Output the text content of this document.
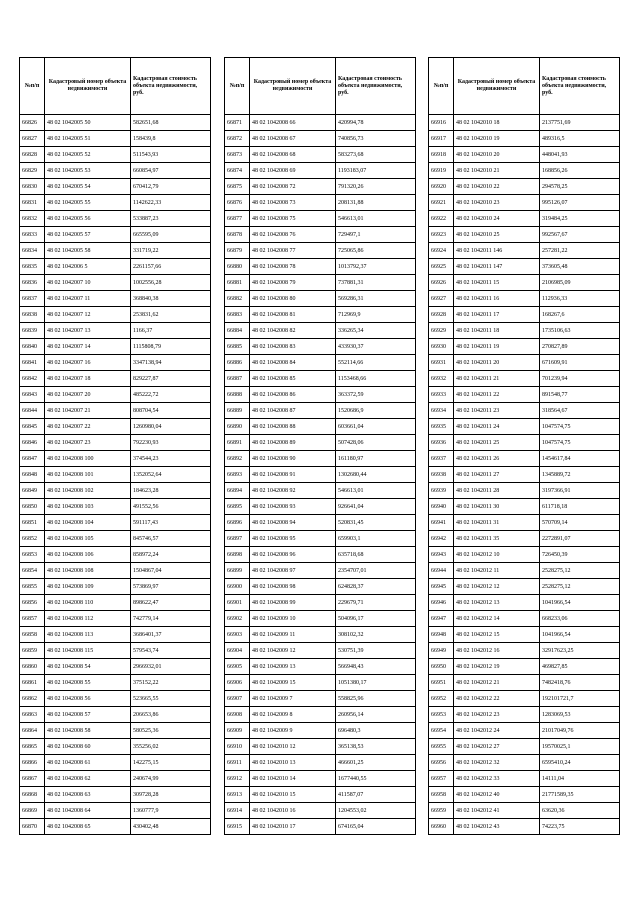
№п/п	Кадастровый номер объекта недвижимости	Кадастровая стоимость объекта недвижимости, руб.
66826	48 02 1042005 50	582651,68
66827	48 02 1042005 51	158439,8
66828	48 02 1042005 52	511543,93
66829	48 02 1042005 53	660854,97
66830	48 02 1042005 54	670412,79
66831	48 02 1042005 55	1142622,33
66832	48 02 1042005 56	533887,23
66833	48 02 1042005 57	665595,09
66834	48 02 1042005 58	331719,22
66835	48 02 1042006 5	2261157,66
66836	48 02 1042007 10	1002556,28
66837	48 02 1042007 11	368840,38
66838	48 02 1042007 12	253831,62
66839	48 02 1042007 13	1166,37
66840	48 02 1042007 14	1115808,79
66841	48 02 1042007 16	3347138,94
66842	48 02 1042007 18	829227,87
66843	48 02 1042007 20	485222,72
66844	48 02 1042007 21	808704,54
66845	48 02 1042007 22	1260980,04
66846	48 02 1042007 23	792230,93
66847	48 02 1042008 100	374544,23
66848	48 02 1042008 101	1352052,64
66849	48 02 1042008 102	184623,28
66850	48 02 1042008 103	491552,56
66851	48 02 1042008 104	591117,43
66852	48 02 1042008 105	845746,57
66853	48 02 1042008 106	858972,24
66854	48 02 1042008 108	1504867,04
66855	48 02 1042008 109	573869,97
66856	48 02 1042008 110	898622,47
66857	48 02 1042008 112	742779,14
66858	48 02 1042008 113	3686401,37
66859	48 02 1042008 115	579543,74
66860	48 02 1042008 54	2966932,01
66861	48 02 1042008 55	375152,22
66862	48 02 1042008 56	523665,55
66863	48 02 1042008 57	206653,86
66864	48 02 1042008 58	580525,36
66865	48 02 1042008 60	355256,02
66866	48 02 1042008 61	142275,15
66867	48 02 1042008 62	240674,99
66868	48 02 1042008 63	309728,28
66869	48 02 1042008 64	1360777,9
66870	48 02 1042008 65	430402,48
№п/п	Кадастровый номер объекта недвижимости	Кадастровая стоимость объекта недвижимости, руб.
66871	48 02 1042008 66	420994,78
66872	48 02 1042008 67	740856,73
66873	48 02 1042008 68	583273,68
66874	48 02 1042008 69	1193183,07
66875	48 02 1042008 72	791320,26
66876	48 02 1042008 73	208131,88
66877	48 02 1042008 75	546613,01
66878	48 02 1042008 76	729497,1
66879	48 02 1042008 77	725065,86
66880	48 02 1042008 78	1013792,37
66881	48 02 1042008 79	737881,31
66882	48 02 1042008 80	569286,31
66883	48 02 1042008 81	712969,9
66884	48 02 1042008 82	336265,34
66885	48 02 1042008 83	433930,37
66886	48 02 1042008 84	552114,66
66887	48 02 1042008 85	1153468,66
66888	48 02 1042008 86	363372,59
66889	48 02 1042008 87	1520686,9
66890	48 02 1042008 88	603661,04
66891	48 02 1042008 89	507428,06
66892	48 02 1042008 90	161180,97
66893	48 02 1042008 91	1302680,44
66894	48 02 1042008 92	546613,01
66895	48 02 1042008 93	926641,04
66896	48 02 1042008 94	520831,45
66897	48 02 1042008 95	659903,1
66898	48 02 1042008 96	635718,68
66899	48 02 1042008 97	2354707,01
66900	48 02 1042008 98	624828,37
66901	48 02 1042008 99	229679,71
66902	48 02 1042009 10	504096,17
66903	48 02 1042009 11	308102,32
66904	48 02 1042009 12	530751,39
66905	48 02 1042009 13	566948,43
66906	48 02 1042009 15	1051380,17
66907	48 02 1042009 7	558825,96
66908	48 02 1042009 8	260956,14
66909	48 02 1042009 9	696480,3
66910	48 02 1042010 12	365138,53
66911	48 02 1042010 13	466601,25
66912	48 02 1042010 14	1677440,55
66913	48 02 1042010 15	411587,07
66914	48 02 1042010 16	1204553,02
66915	48 02 1042010 17	674165,04
№п/п	Кадастровый номер объекта недвижимости	Кадастровая стоимость объекта недвижимости, руб.
66916	48 02 1042010 18	2137751,69
66917	48 02 1042010 19	489316,5
66918	48 02 1042010 20	448041,93
66919	48 02 1042010 21	168856,26
66920	48 02 1042010 22	294578,25
66921	48 02 1042010 23	995126,07
66922	48 02 1042010 24	319484,25
66923	48 02 1042010 25	992567,67
66924	48 02 1042011 146	257281,22
66925	48 02 1042011 147	373605,48
66926	48 02 1042011 15	2106985,09
66927	48 02 1042011 16	112936,33
66928	48 02 1042011 17	168267,6
66929	48 02 1042011 18	1735106,63
66930	48 02 1042011 19	270827,89
66931	48 02 1042011 20	671609,91
66932	48 02 1042011 21	701239,94
66933	48 02 1042011 22	891548,77
66934	48 02 1042011 23	318564,67
66935	48 02 1042011 24	1047574,75
66936	48 02 1042011 25	1047574,75
66937	48 02 1042011 26	1454617,84
66938	48 02 1042011 27	1345889,72
66939	48 02 1042011 28	3197366,91
66940	48 02 1042011 30	611718,18
66941	48 02 1042011 31	570709,14
66942	48 02 1042011 35	2272891,07
66943	48 02 1042012 10	726450,39
66944	48 02 1042012 11	2528275,12
66945	48 02 1042012 12	2528275,12
66946	48 02 1042012 13	1041966,54
66947	48 02 1042012 14	668233,06
66948	48 02 1042012 15	1041966,54
66949	48 02 1042012 16	32917623,25
66950	48 02 1042012 19	469827,85
66951	48 02 1042012 21	7482418,76
66952	48 02 1042012 22	192101721,7
66953	48 02 1042012 23	1283069,53
66954	48 02 1042012 24	21017049,76
66955	48 02 1042012 27	19570025,1
66956	48 02 1042012 32	6595410,24
66957	48 02 1042012 33	14111,04
66958	48 02 1042012 40	21771589,35
66959	48 02 1042012 41	63620,36
66960	48 02 1042012 43	74223,75
